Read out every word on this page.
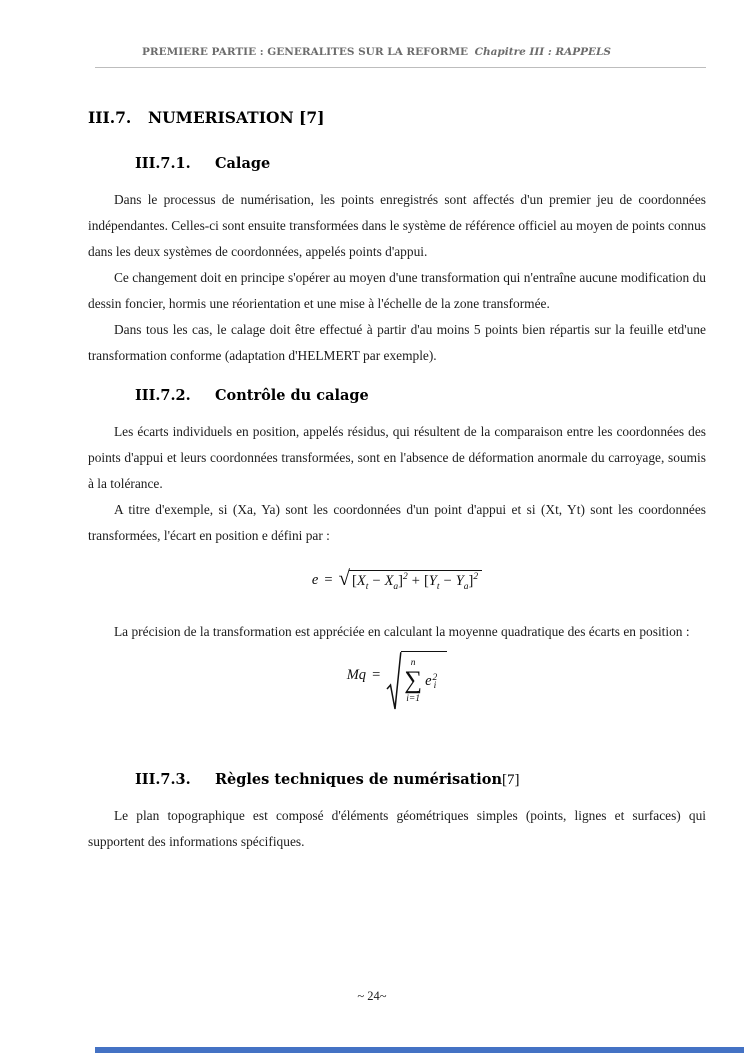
PREMIERE PARTIE : GENERALITES SUR LA REFORME Chapitre III : RAPPELS
III.7. NUMERISATION [7]
III.7.1. Calage

Dans le processus de numérisation, les points enregistrés sont affectés d'un premier jeu de coordonnées indépendantes. Celles-ci sont ensuite transformées dans le système de référence officiel au moyen de points connus dans les deux systèmes de coordonnées, appelés points d'appui.

Ce changement doit en principe s'opérer au moyen d'une transformation qui n'entraîne aucune modification du dessin foncier, hormis une réorientation et une mise à l'échelle de la zone transformée.

Dans tous les cas, le calage doit être effectué à partir d'au moins 5 points bien répartis sur la feuille etd'une transformation conforme (adaptation d'HELMERT par exemple).

III.7.2. Contrôle du calage

Les écarts individuels en position, appelés résidus, qui résultent de la comparaison entre les coordonnées des points d'appui et leurs coordonnées transformées, sont en l'absence de déformation anormale du carroyage, soumis à la tolérance.

A titre d'exemple, si (Xa, Ya) sont les coordonnées d'un point d'appui et si (Xt, Yt) sont les coordonnées transformées, l'écart en position e défini par :

e = √ $[X_t - X_a]^2 + [Y_t - Y_a]^2$

La précision de la transformation est appréciée en calculant la moyenne quadratique des écarts en position :

Mq =
n
∑
i=1
e 2
i
III.7.3. Règles techniques de numérisation[7]

Le plan topographique est composé d'éléments géométriques simples (points, lignes et surfaces) qui supportent des informations spécifiques.

~ 24~
